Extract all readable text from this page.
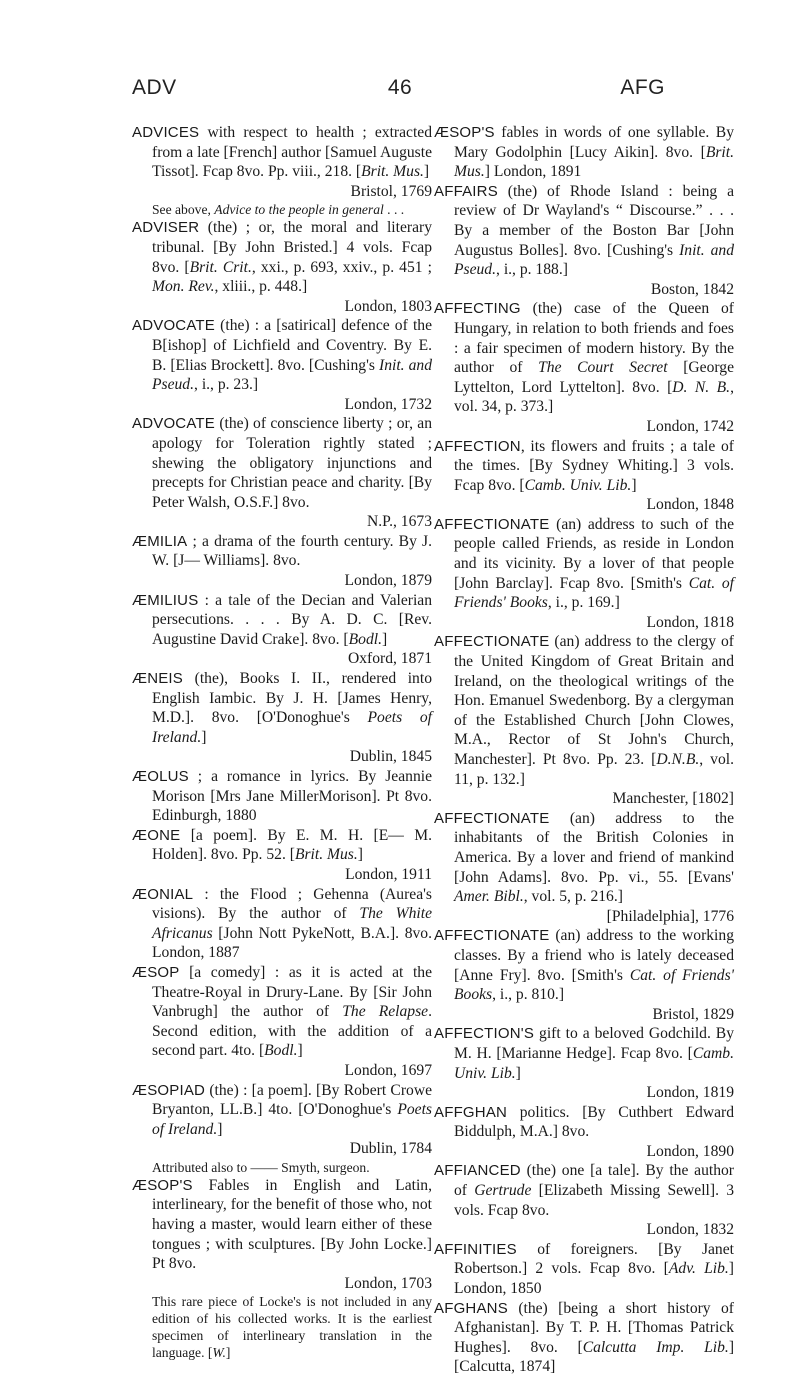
ADV	46	AFG

ADVICES with respect to health ; extracted from a late [French] author [Samuel Auguste Tissot]. Fcap 8vo. Pp. viii., 218. [Brit. Mus.]
Bristol, 1769

See above, Advice to the people in general . . .

ADVISER (the) ; or, the moral and literary tribunal. [By John Bristed.] 4 vols. Fcap 8vo. [Brit. Crit., xxi., p. 693, xxiv., p. 451 ; Mon. Rev., xliii., p. 448.]
London, 1803

ADVOCATE (the) : a [satirical] defence of the B[ishop] of Lichfield and Coventry. By E. B. [Elias Brockett]. 8vo. [Cushing's Init. and Pseud., i., p. 23.]
London, 1732

ADVOCATE (the) of conscience liberty ; or, an apology for Toleration rightly stated ; shewing the obligatory injunctions and precepts for Christian peace and charity. [By Peter Walsh, O.S.F.] 8vo.
N.P., 1673

ÆMILIA ; a drama of the fourth century. By J. W. [J— Williams]. 8vo.
London, 1879

ÆMILIUS : a tale of the Decian and Valerian persecutions. . . . By A. D. C. [Rev. Augustine David Crake]. 8vo. [Bodl.]
Oxford, 1871

ÆNEIS (the), Books I. II., rendered into English Iambic. By J. H. [James Henry, M.D.]. 8vo. [O'Donoghue's Poets of Ireland.]
Dublin, 1845

ÆOLUS ; a romance in lyrics. By Jeannie Morison [Mrs Jane MillerMorison]. Pt 8vo. Edinburgh, 1880

ÆONE [a poem]. By E. M. H. [E— M. Holden]. 8vo. Pp. 52. [Brit. Mus.]
London, 1911

ÆONIAL : the Flood ; Gehenna (Aurea's visions). By the author of The White Africanus [John Nott PykeNott, B.A.]. 8vo. London, 1887

ÆSOP [a comedy] : as it is acted at the Theatre-Royal in Drury-Lane. By [Sir John Vanbrugh] the author of The Relapse. Second edition, with the addition of a second part. 4to. [Bodl.]
London, 1697

ÆSOPIAD (the) : [a poem]. [By Robert Crowe Bryanton, LL.B.] 4to. [O'Donoghue's Poets of Ireland.]
Dublin, 1784

Attributed also to —— Smyth, surgeon.

ÆSOP'S Fables in English and Latin, interlineary, for the benefit of those who, not having a master, would learn either of these tongues ; with sculptures. [By John Locke.] Pt 8vo.
London, 1703

This rare piece of Locke's is not included in any edition of his collected works. It is the earliest specimen of interlineary translation in the language. [W.]

ÆSOP'S fables in words of one syllable. By Mary Godolphin [Lucy Aikin]. 8vo. [Brit. Mus.] London, 1891

AFFAIRS (the) of Rhode Island : being a review of Dr Wayland's “ Discourse.” . . . By a member of the Boston Bar [John Augustus Bolles]. 8vo. [Cushing's Init. and Pseud., i., p. 188.]
Boston, 1842

AFFECTING (the) case of the Queen of Hungary, in relation to both friends and foes : a fair specimen of modern history. By the author of The Court Secret [George Lyttelton, Lord Lyttelton]. 8vo. [D. N. B., vol. 34, p. 373.]
London, 1742

AFFECTION, its flowers and fruits ; a tale of the times. [By Sydney Whiting.] 3 vols. Fcap 8vo. [Camb. Univ. Lib.]
London, 1848

AFFECTIONATE (an) address to such of the people called Friends, as reside in London and its vicinity. By a lover of that people [John Barclay]. Fcap 8vo. [Smith's Cat. of Friends' Books, i., p. 169.]
London, 1818

AFFECTIONATE (an) address to the clergy of the United Kingdom of Great Britain and Ireland, on the theological writings of the Hon. Emanuel Swedenborg. By a clergyman of the Established Church [John Clowes, M.A., Rector of St John's Church, Manchester]. Pt 8vo. Pp. 23. [D.N.B., vol. 11, p. 132.]
Manchester, [1802]

AFFECTIONATE (an) address to the inhabitants of the British Colonies in America. By a lover and friend of mankind [John Adams]. 8vo. Pp. vi., 55. [Evans' Amer. Bibl., vol. 5, p. 216.]
[Philadelphia], 1776

AFFECTIONATE (an) address to the working classes. By a friend who is lately deceased [Anne Fry]. 8vo. [Smith's Cat. of Friends' Books, i., p. 810.]
Bristol, 1829

AFFECTION'S gift to a beloved Godchild. By M. H. [Marianne Hedge]. Fcap 8vo. [Camb. Univ. Lib.]
London, 1819

AFFGHAN politics. [By Cuthbert Edward Biddulph, M.A.] 8vo.
London, 1890

AFFIANCED (the) one [a tale]. By the author of Gertrude [Elizabeth Missing Sewell]. 3 vols. Fcap 8vo.
London, 1832

AFFINITIES of foreigners. [By Janet Robertson.] 2 vols. Fcap 8vo. [Adv. Lib.] London, 1850

AFGHANS (the) [being a short history of Afghanistan]. By T. P. H. [Thomas Patrick Hughes]. 8vo. [Calcutta Imp. Lib.] [Calcutta, 1874]
